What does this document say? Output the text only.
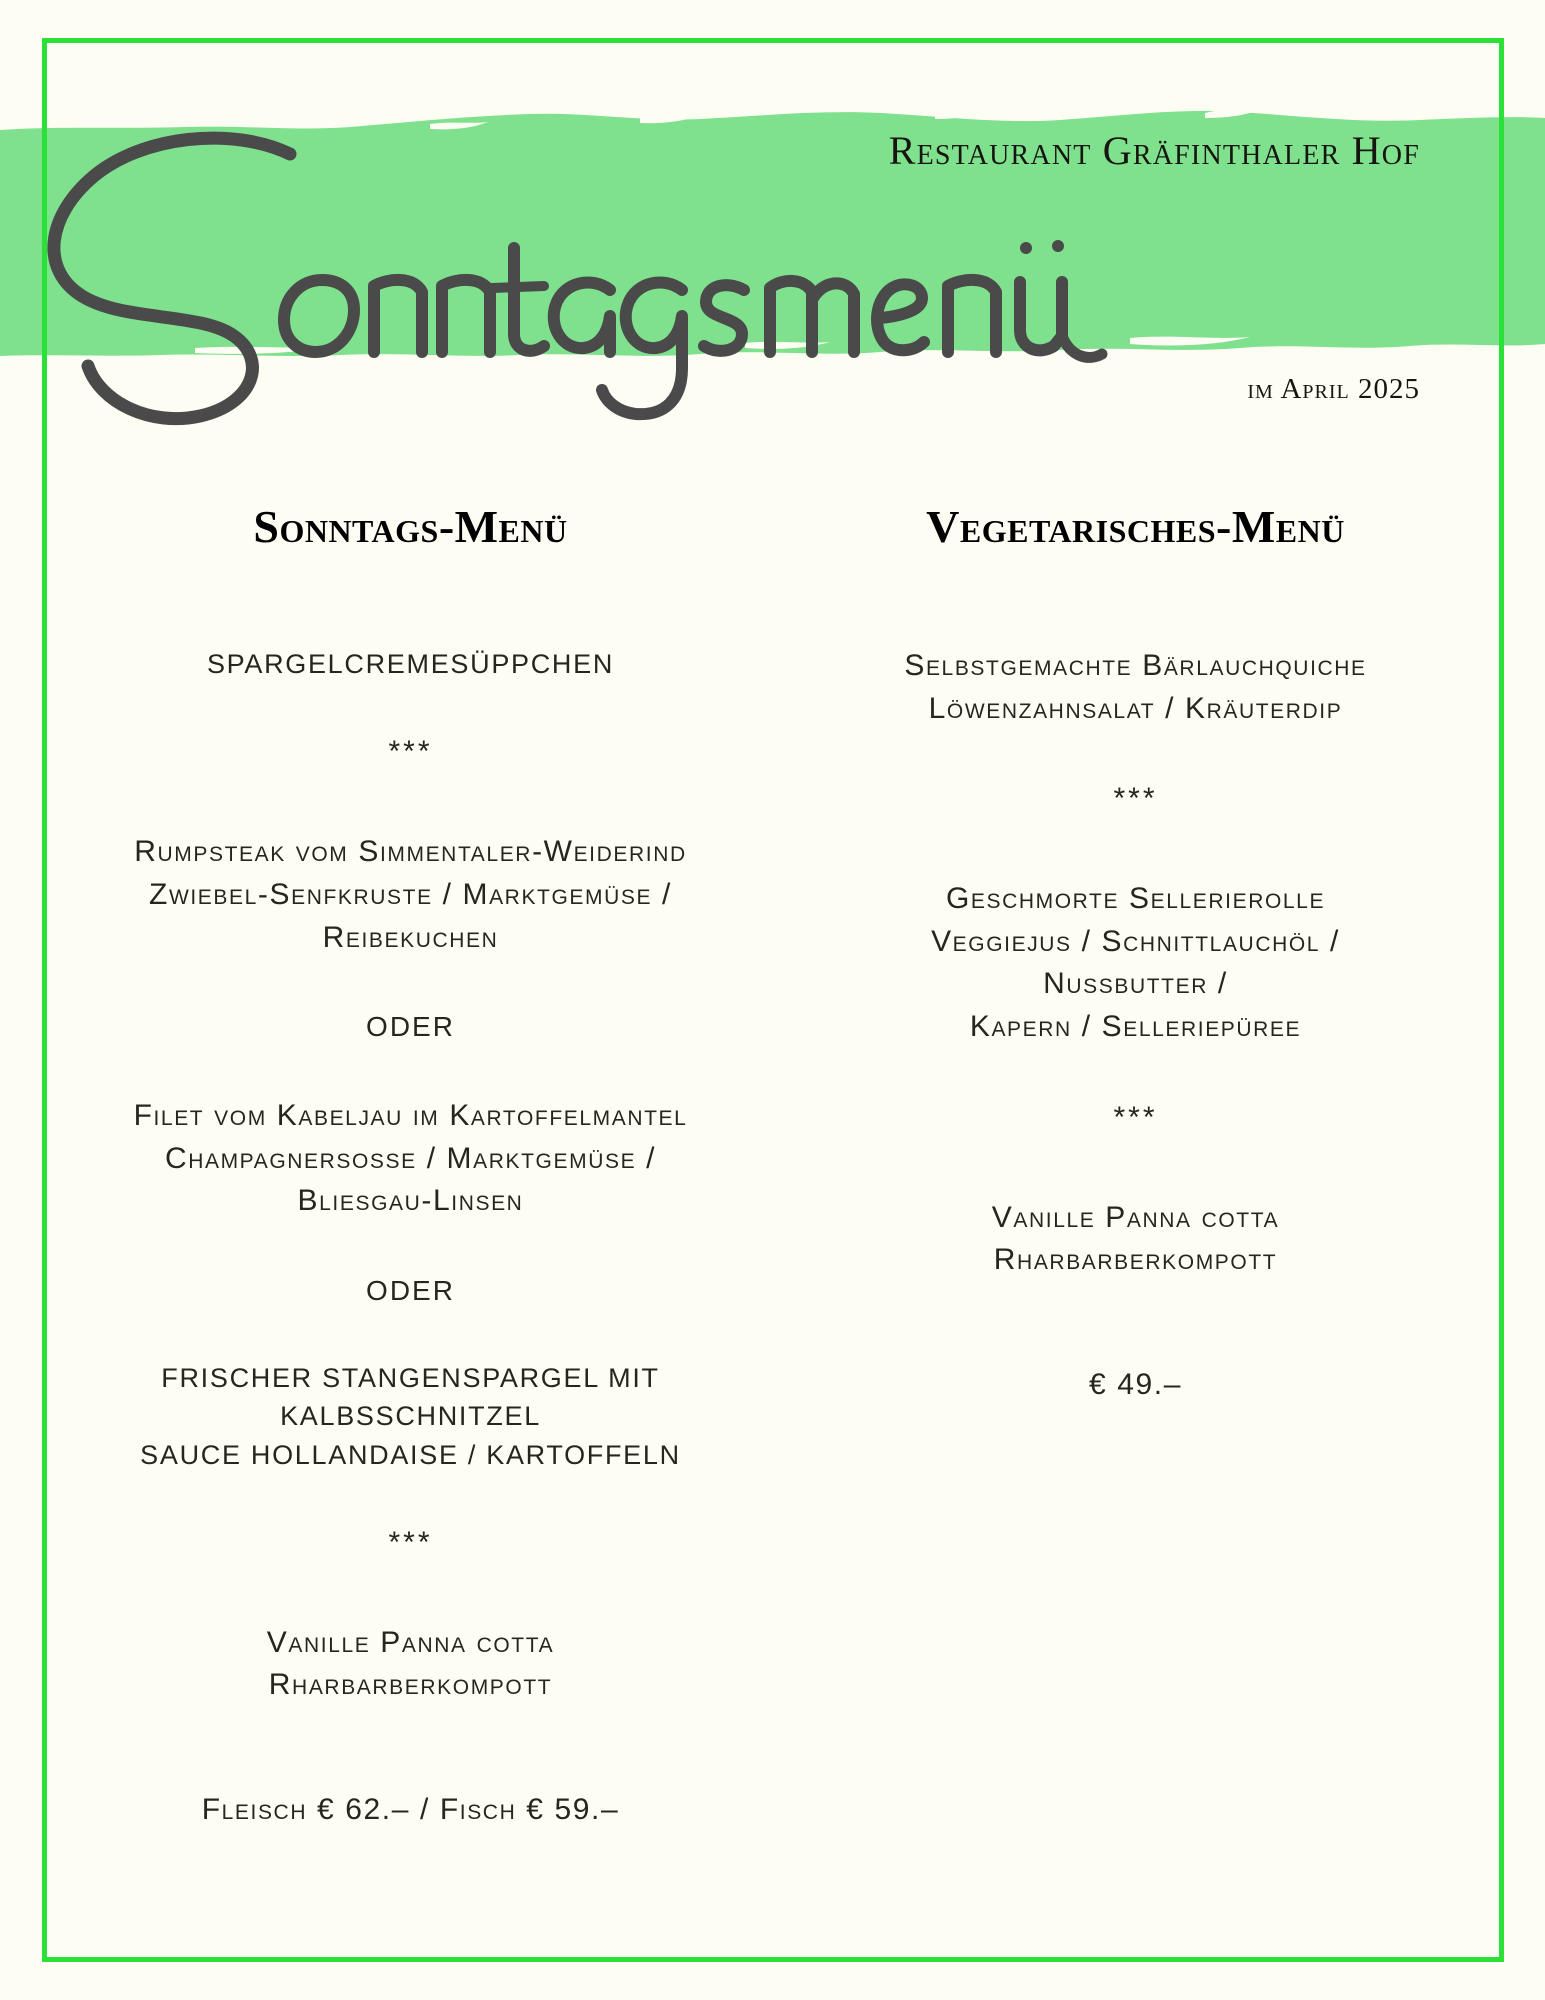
Restaurant Gräfinthaler Hof
im April 2025
Sonntags-Menü
SPARGELCREMESÜPPCHEN

***

Rumpsteak vom Simmentaler-Weiderind
Zwiebel-Senfkruste / Marktgemüse /
Reibekuchen

ODER

Filet vom Kabeljau im Kartoffelmantel
Champagnersosse / Marktgemüse /
Bliesgau-Linsen

ODER

FRISCHER STANGENSPARGEL MIT
KALBSSCHNITZEL
SAUCE HOLLANDAISE / KARTOFFELN

***

Vanille Panna cotta
Rharbarberkompott

Fleisch € 62.– / Fisch € 59.–

Vegetarisches-Menü
Selbstgemachte Bärlauchquiche
Löwenzahnsalat / Kräuterdip

***

Geschmorte Sellerierolle
Veggiejus / Schnittlauchöl /
Nussbutter /
Kapern / Selleriepüree

***

Vanille Panna cotta
Rharbarberkompott

€ 49.–
